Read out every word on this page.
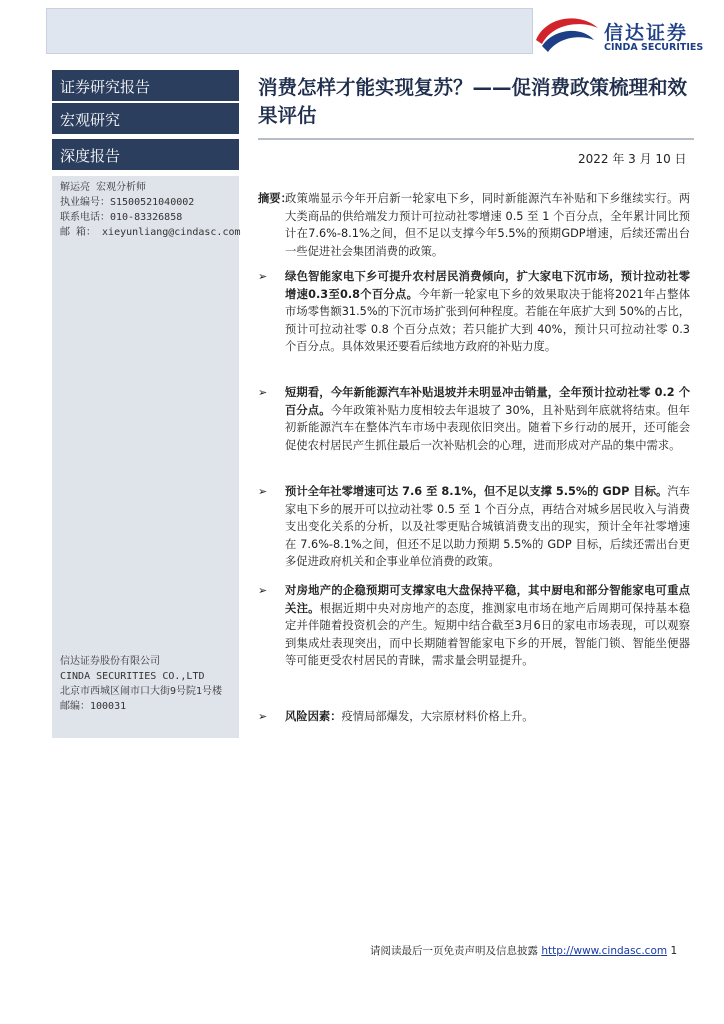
信达证券
CINDA SECURITIES
证券研究报告
宏观研究
深度报告
解运亮 宏观分析师
执业编号：S1500521040002
联系电话：010-83326858
邮 箱： xieyunliang@cindasc.com
信达证券股份有限公司
CINDA SECURITIES CO.,LTD
北京市西城区闹市口大街9号院1号楼
邮编：100031
消费怎样才能实现复苏？——促消费政策梳理和效果评估
2022 年 3 月 10 日
摘要：
政策端显示今年开启新一轮家电下乡，同时新能源汽车补贴和下乡继续实行。两大类商品的供给端发力预计可拉动社零增速 0.5 至 1 个百分点，全年累计同比预计在7.6%-8.1%之间，但不足以支撑今年5.5%的预期GDP增速，后续还需出台一些促进社会集团消费的政策。
➢ 绿色智能家电下乡可提升农村居民消费倾向，扩大家电下沉市场，预计拉动社零增速0.3至0.8个百分点。今年新一轮家电下乡的效果取决于能将2021年占整体市场零售额31.5%的下沉市场扩张到何种程度。若能在年底扩大到 50%的占比，预计可拉动社零 0.8 个百分点效；若只能扩大到 40%，预计只可拉动社零 0.3 个百分点。具体效果还要看后续地方政府的补贴力度。
➢ 短期看，今年新能源汽车补贴退坡并未明显冲击销量，全年预计拉动社零 0.2 个百分点。今年政策补贴力度相较去年退坡了 30%，且补贴到年底就将结束。但年初新能源汽车在整体汽车市场中表现依旧突出。随着下乡行动的展开，还可能会促使农村居民产生抓住最后一次补贴机会的心理，进而形成对产品的集中需求。
➢ 预计全年社零增速可达 7.6 至 8.1%，但不足以支撑 5.5%的 GDP 目标。汽车家电下乡的展开可以拉动社零 0.5 至 1 个百分点，再结合对城乡居民收入与消费支出变化关系的分析，以及社零更贴合城镇消费支出的现实，预计全年社零增速在 7.6%-8.1%之间，但还不足以助力预期 5.5%的 GDP 目标，后续还需出台更多促进政府机关和企事业单位消费的政策。
➢ 对房地产的企稳预期可支撑家电大盘保持平稳，其中厨电和部分智能家电可重点关注。根据近期中央对房地产的态度，推测家电市场在地产后周期可保持基本稳定并伴随着投资机会的产生。短期中结合截至3月6日的家电市场表现，可以观察到集成灶表现突出，而中长期随着智能家电下乡的开展，智能门锁、智能坐便器等可能更受农村居民的青睐，需求量会明显提升。
➢ 风险因素：疫情局部爆发，大宗原材料价格上升。
请阅读最后一页免责声明及信息披露 http://www.cindasc.com 1
